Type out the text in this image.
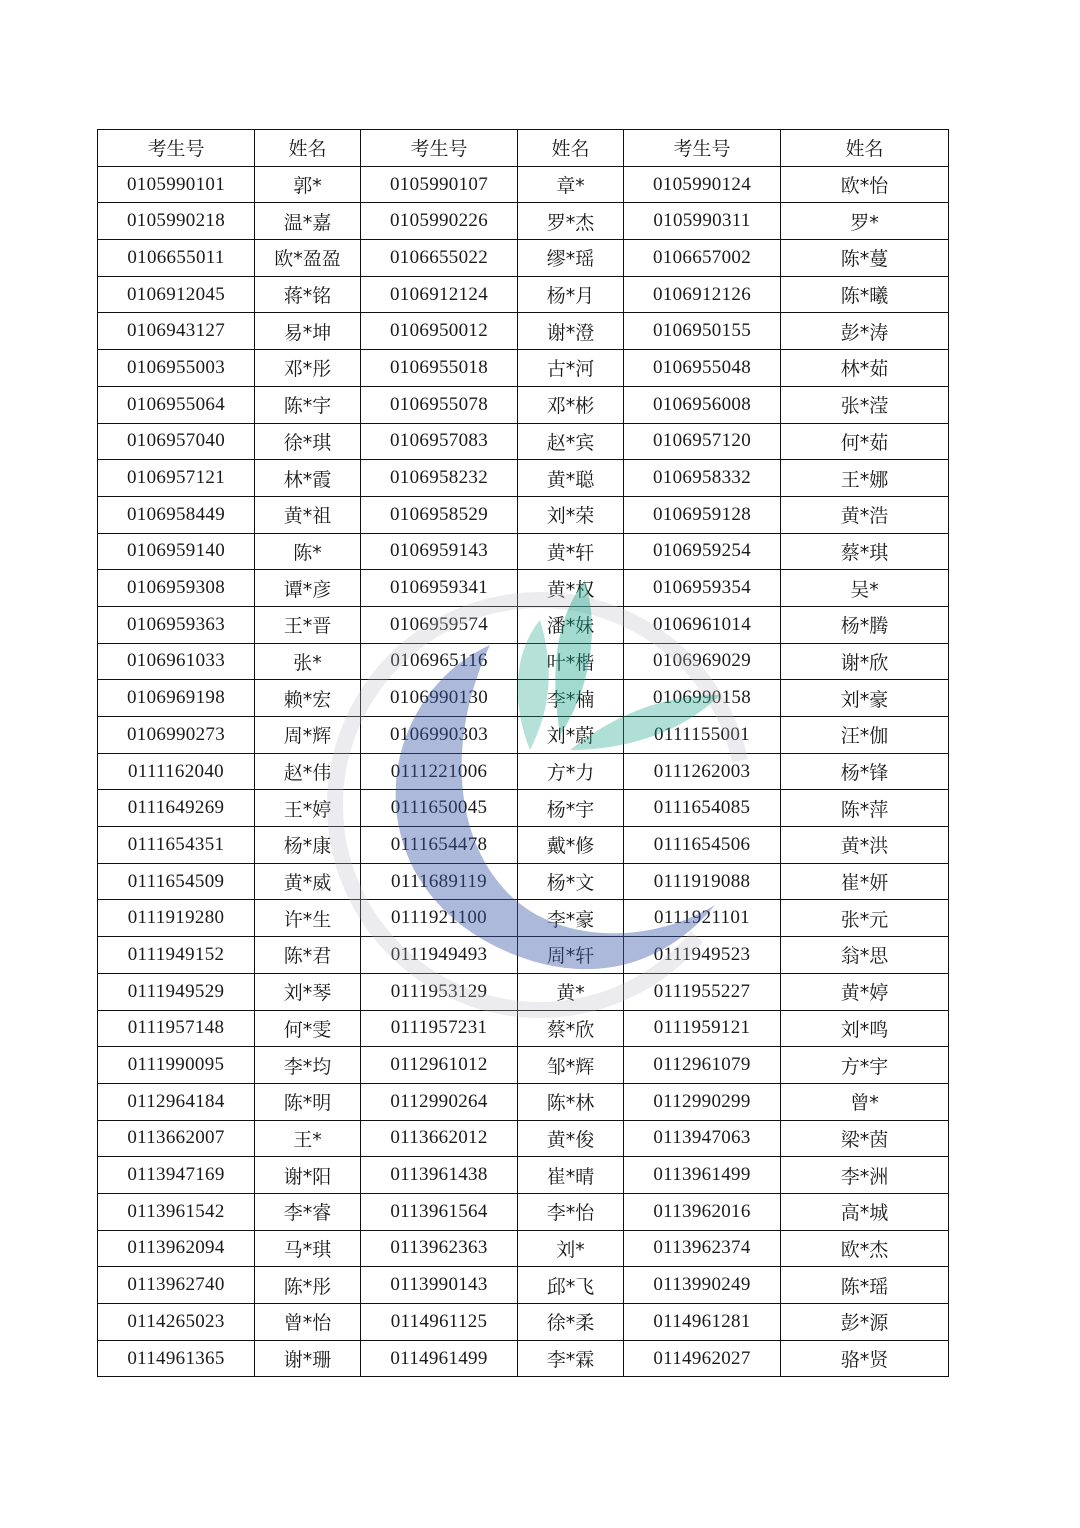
考生号	姓名	考生号	姓名	考生号	姓名
0105990101	郭*	0105990107	章*	0105990124	欧*怡
0105990218	温*嘉	0105990226	罗*杰	0105990311	罗*
0106655011	欧*盈盈	0106655022	缪*瑶	0106657002	陈*蔓
0106912045	蒋*铭	0106912124	杨*月	0106912126	陈*曦
0106943127	易*坤	0106950012	谢*澄	0106950155	彭*涛
0106955003	邓*彤	0106955018	古*河	0106955048	林*茹
0106955064	陈*宇	0106955078	邓*彬	0106956008	张*滢
0106957040	徐*琪	0106957083	赵*宾	0106957120	何*茹
0106957121	林*霞	0106958232	黄*聪	0106958332	王*娜
0106958449	黄*祖	0106958529	刘*荣	0106959128	黄*浩
0106959140	陈*	0106959143	黄*轩	0106959254	蔡*琪
0106959308	谭*彦	0106959341	黄*权	0106959354	吴*
0106959363	王*晋	0106959574	潘*妹	0106961014	杨*腾
0106961033	张*	0106965116	叶*楷	0106969029	谢*欣
0106969198	赖*宏	0106990130	李*楠	0106990158	刘*豪
0106990273	周*辉	0106990303	刘*蔚	0111155001	汪*伽
0111162040	赵*伟	0111221006	方*力	0111262003	杨*锋
0111649269	王*婷	0111650045	杨*宇	0111654085	陈*萍
0111654351	杨*康	0111654478	戴*修	0111654506	黄*洪
0111654509	黄*威	0111689119	杨*文	0111919088	崔*妍
0111919280	许*生	0111921100	李*豪	0111921101	张*元
0111949152	陈*君	0111949493	周*轩	0111949523	翁*思
0111949529	刘*琴	0111953129	黄*	0111955227	黄*婷
0111957148	何*雯	0111957231	蔡*欣	0111959121	刘*鸣
0111990095	李*均	0112961012	邹*辉	0112961079	方*宇
0112964184	陈*明	0112990264	陈*林	0112990299	曾*
0113662007	王*	0113662012	黄*俊	0113947063	梁*茵
0113947169	谢*阳	0113961438	崔*晴	0113961499	李*洲
0113961542	李*睿	0113961564	李*怡	0113962016	高*城
0113962094	马*琪	0113962363	刘*	0113962374	欧*杰
0113962740	陈*彤	0113990143	邱*飞	0113990249	陈*瑶
0114265023	曾*怡	0114961125	徐*柔	0114961281	彭*源
0114961365	谢*珊	0114961499	李*霖	0114962027	骆*贤
